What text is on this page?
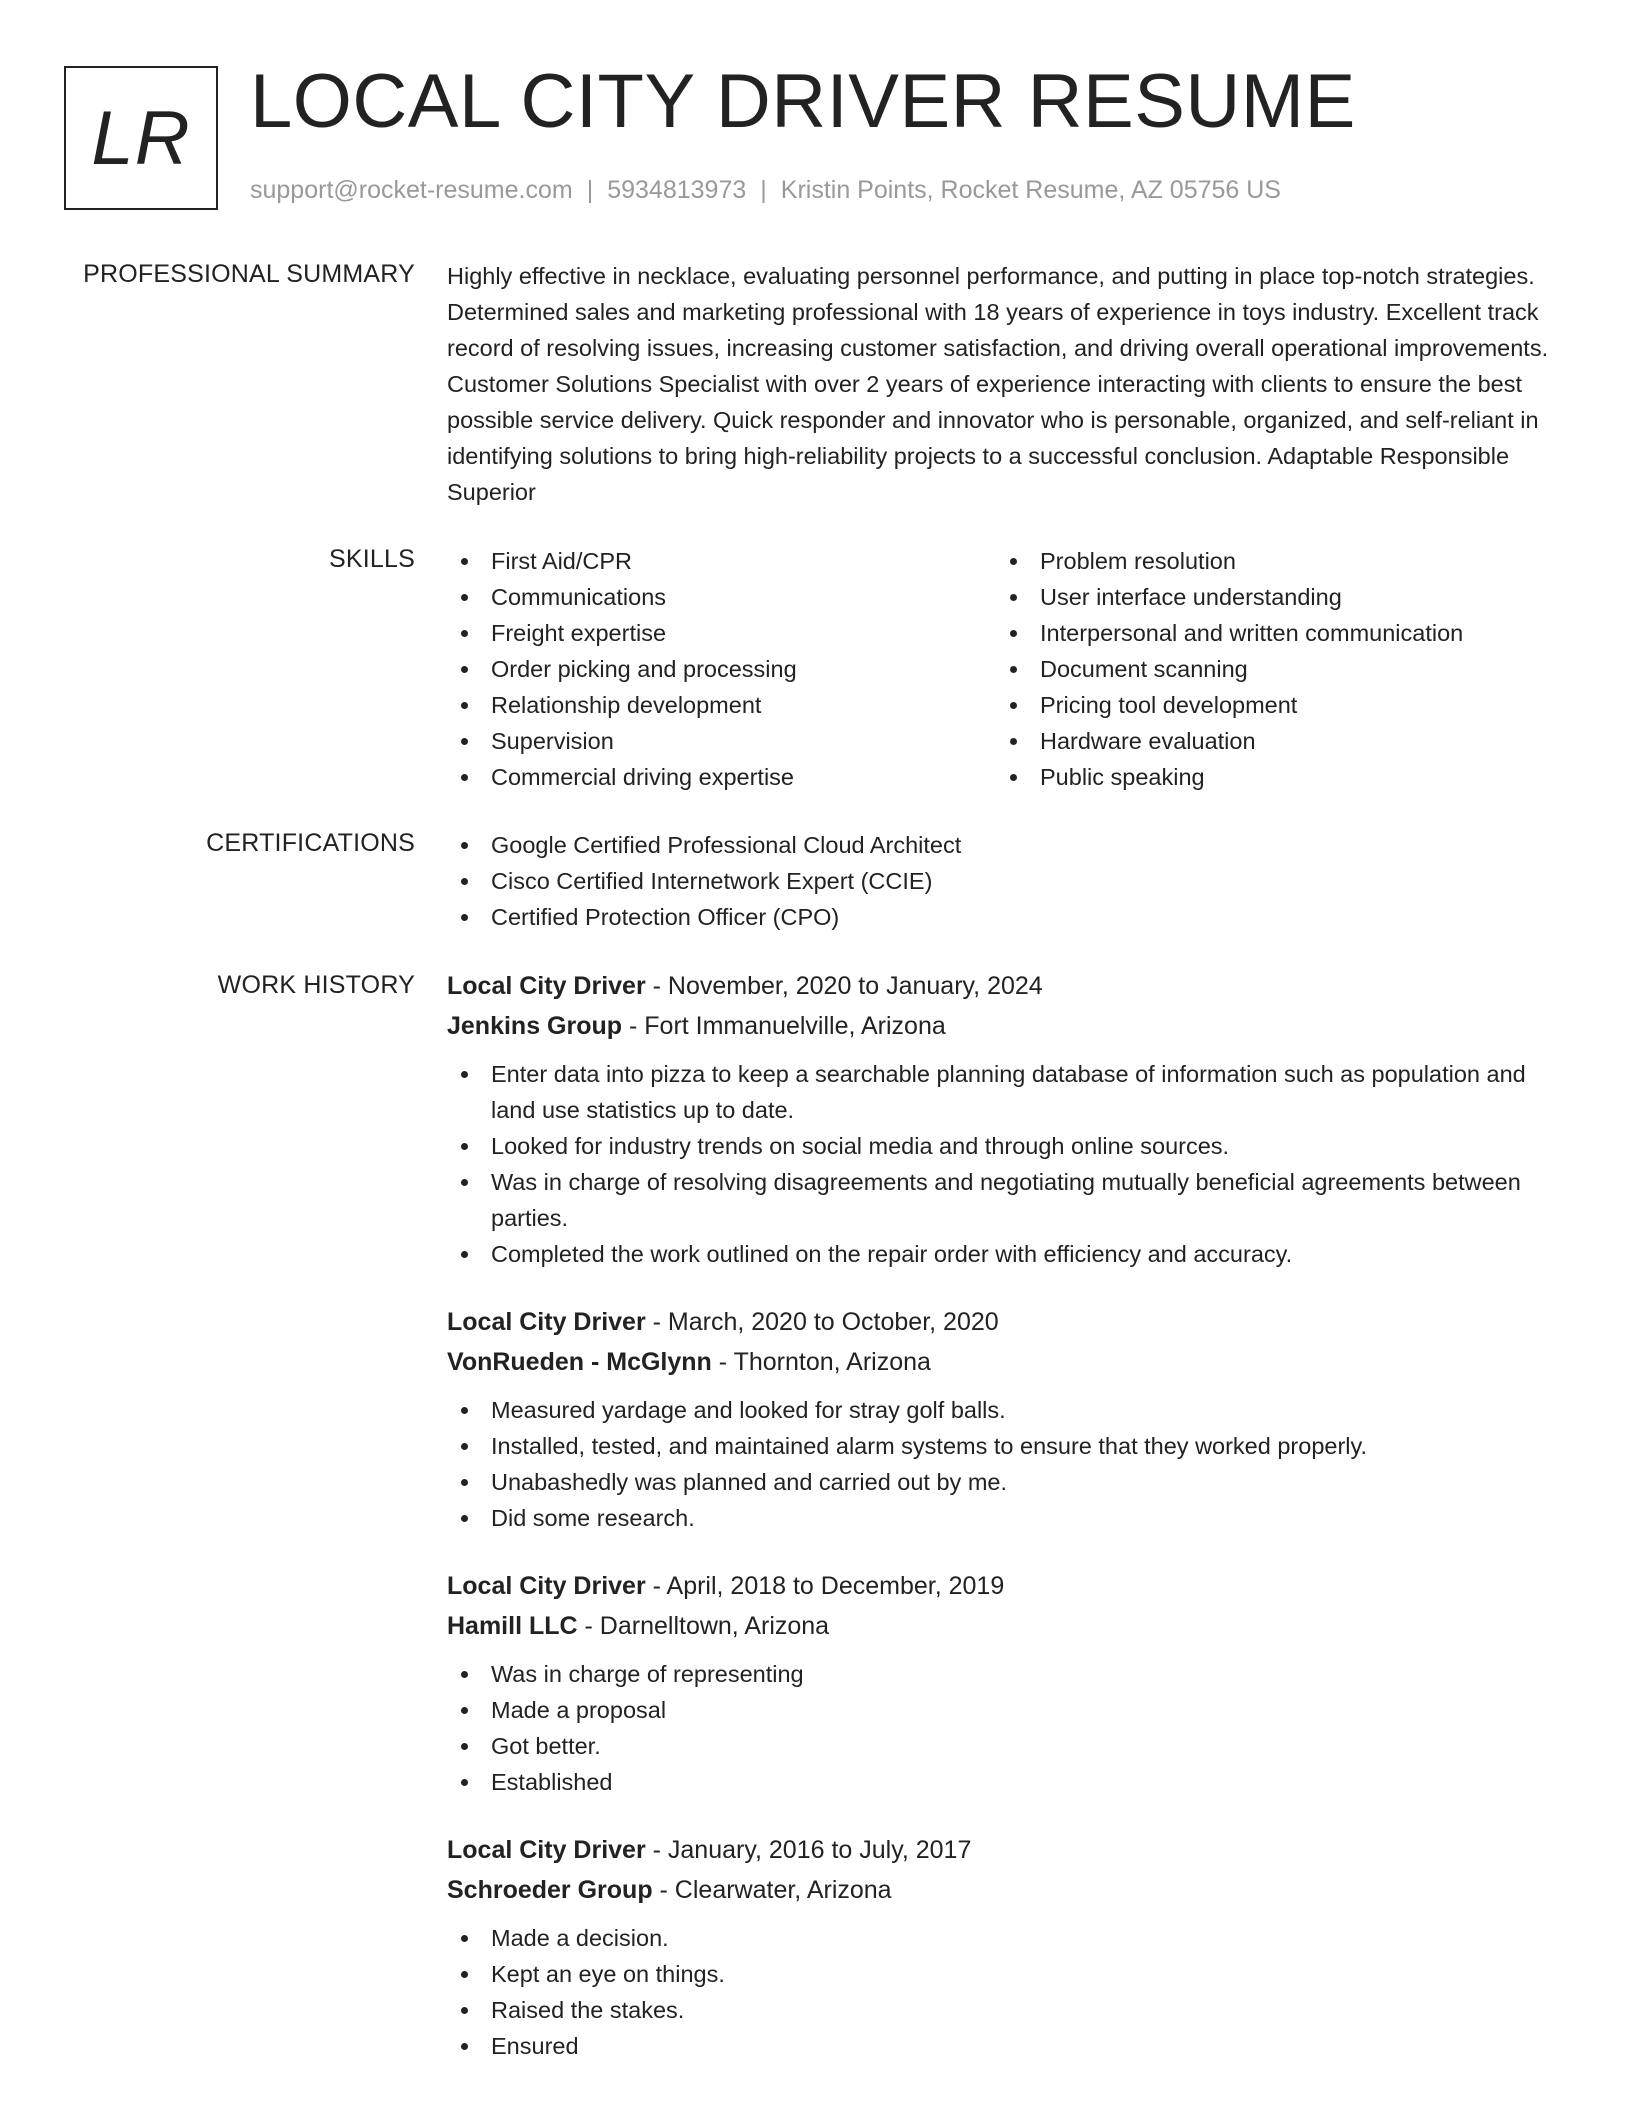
LR LOCAL CITY DRIVER RESUME
support@rocket-resume.com | 5934813973 | Kristin Points, Rocket Resume, AZ 05756 US
PROFESSIONAL SUMMARY Highly effective in necklace, evaluating personnel performance, and putting in place top-notch strategies. Determined sales and marketing professional with 18 years of experience in toys industry. Excellent track record of resolving issues, increasing customer satisfaction, and driving overall operational improvements. Customer Solutions Specialist with over 2 years of experience interacting with clients to ensure the best possible service delivery. Quick responder and innovator who is personable, organized, and self-reliant in identifying solutions to bring high-reliability projects to a successful conclusion. Adaptable Responsible Superior
SKILLS	First Aid/CPR
Communications
Freight expertise
Order picking and processing
Relationship development
Supervision
Commercial driving expertise
Problem resolution
User interface understanding
Interpersonal and written communication
Document scanning
Pricing tool development
Hardware evaluation
Public speaking
CERTIFICATIONS	Google Certified Professional Cloud Architect
Cisco Certified Internetwork Expert (CCIE)
Certified Protection Officer (CPO)
WORK HISTORY Local City Driver - November, 2020 to January, 2024
Jenkins Group - Fort Immanuelville, Arizona
Enter data into pizza to keep a searchable planning database of information such as population and land use statistics up to date.
Looked for industry trends on social media and through online sources.
Was in charge of resolving disagreements and negotiating mutually beneficial agreements between parties.
Completed the work outlined on the repair order with efficiency and accuracy.
Local City Driver - March, 2020 to October, 2020
VonRueden - McGlynn - Thornton, Arizona
Measured yardage and looked for stray golf balls.
Installed, tested, and maintained alarm systems to ensure that they worked properly.
Unabashedly was planned and carried out by me.
Did some research.
Local City Driver - April, 2018 to December, 2019
Hamill LLC - Darnelltown, Arizona
Was in charge of representing
Made a proposal
Got better.
Established
Local City Driver - January, 2016 to July, 2017
Schroeder Group - Clearwater, Arizona
Made a decision.
Kept an eye on things.
Raised the stakes.
Ensured
